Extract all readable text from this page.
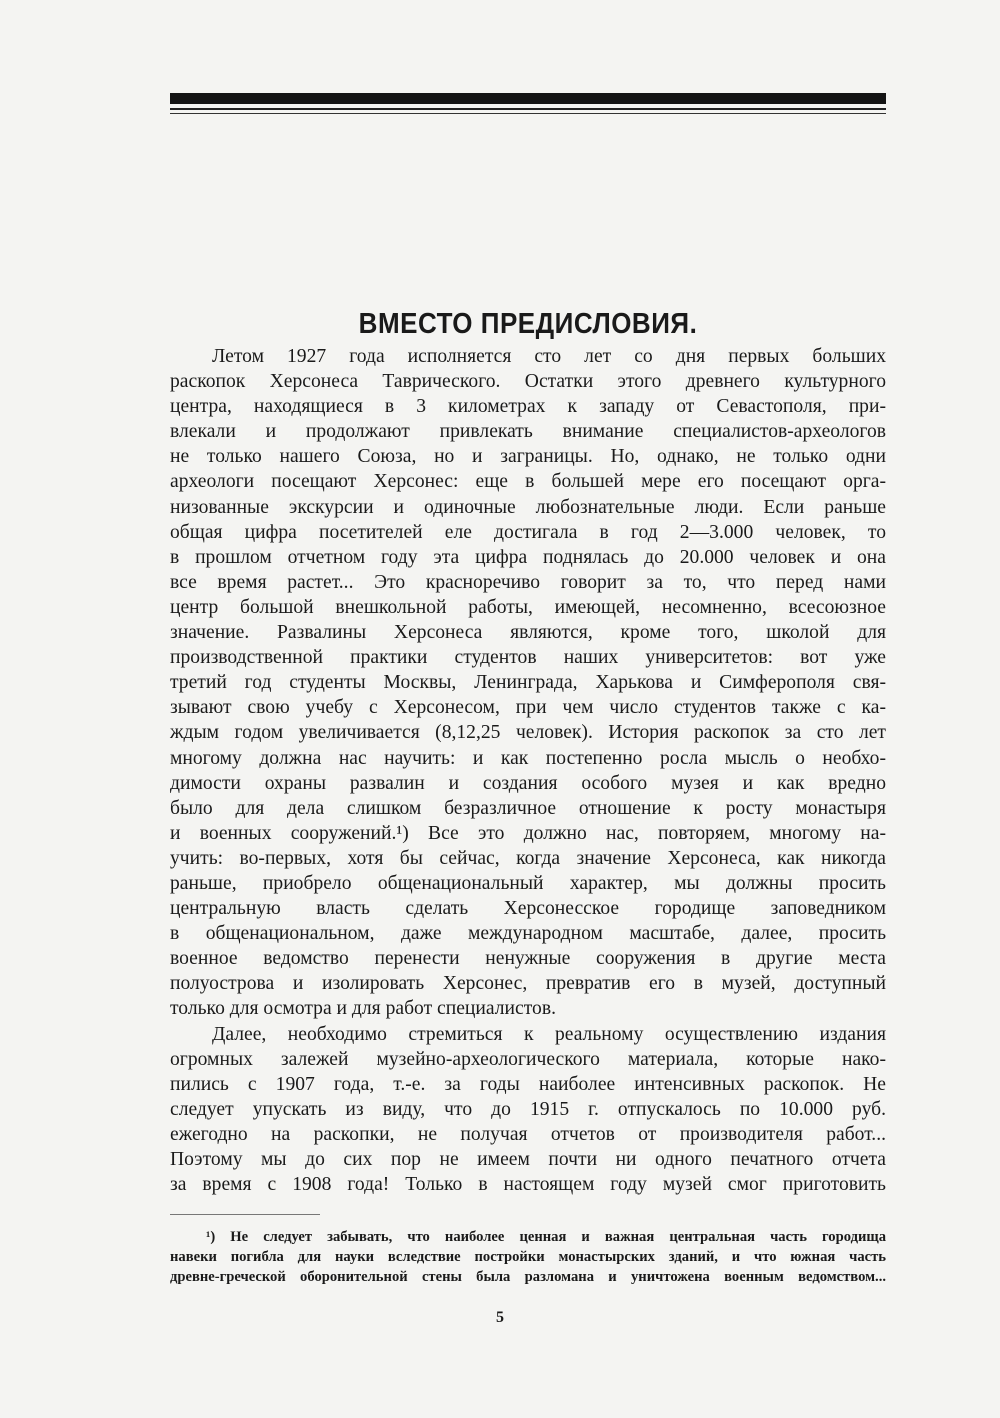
ВМЕСТО ПРЕДИСЛОВИЯ.
Летом 1927 года исполняется сто лет со дня первых больших
раскопок Херсонеса Таврического. Остатки этого древнего культурного
центра, находящиеся в 3 километрах к западу от Севастополя, при-
влекали и продолжают привлекать внимание специалистов-археологов
не только нашего Союза, но и заграницы. Но, однако, не только одни
археологи посещают Херсонес: еще в большей мере его посещают орга-
низованные экскурсии и одиночные любознательные люди. Если раньше
общая цифра посетителей еле достигала в год 2—3.000 человек, то
в прошлом отчетном году эта цифра поднялась до 20.000 человек и она
все время растет... Это красноречиво говорит за то, что перед нами
центр большой внешкольной работы, имеющей, несомненно, всесоюзное
значение. Развалины Херсонеса являются, кроме того, школой для
производственной практики студентов наших университетов: вот уже
третий год студенты Москвы, Ленинграда, Харькова и Симферополя свя-
зывают свою учебу с Херсонесом, при чем число студентов также с ка-
ждым годом увеличивается (8,12,25 человек). История раскопок за сто лет
многому должна нас научить: и как постепенно росла мысль о необхо-
димости охраны развалин и создания особого музея и как вредно
было для дела слишком безразличное отношение к росту монастыря
и военных сооружений.¹) Все это должно нас, повторяем, многому на-
учить: во-первых, хотя бы сейчас, когда значение Херсонеса, как никогда
раньше, приобрело общенациональный характер, мы должны просить
центральную власть сделать Херсонесское городище заповедником
в общенациональном, даже международном масштабе, далее, просить
военное ведомство перенести ненужные сооружения в другие места
полуострова и изолировать Херсонес, превратив его в музей, доступный
только для осмотра и для работ специалистов.
Далее, необходимо стремиться к реальному осуществлению издания
огромных залежей музейно-археологического материала, которые нако-
пились с 1907 года, т.-е. за годы наиболее интенсивных раскопок. Не
следует упускать из виду, что до 1915 г. отпускалось по 10.000 руб.
ежегодно на раскопки, не получая отчетов от производителя работ...
Поэтому мы до сих пор не имеем почти ни одного печатного отчета
за время с 1908 года! Только в настоящем году музей смог приготовить
¹) Не следует забывать, что наиболее ценная и важная центральная часть городища
навеки погибла для науки вследствие постройки монастырских зданий, и что южная часть
древне-греческой оборонительной стены была разломана и уничтожена военным ведомством...
5
